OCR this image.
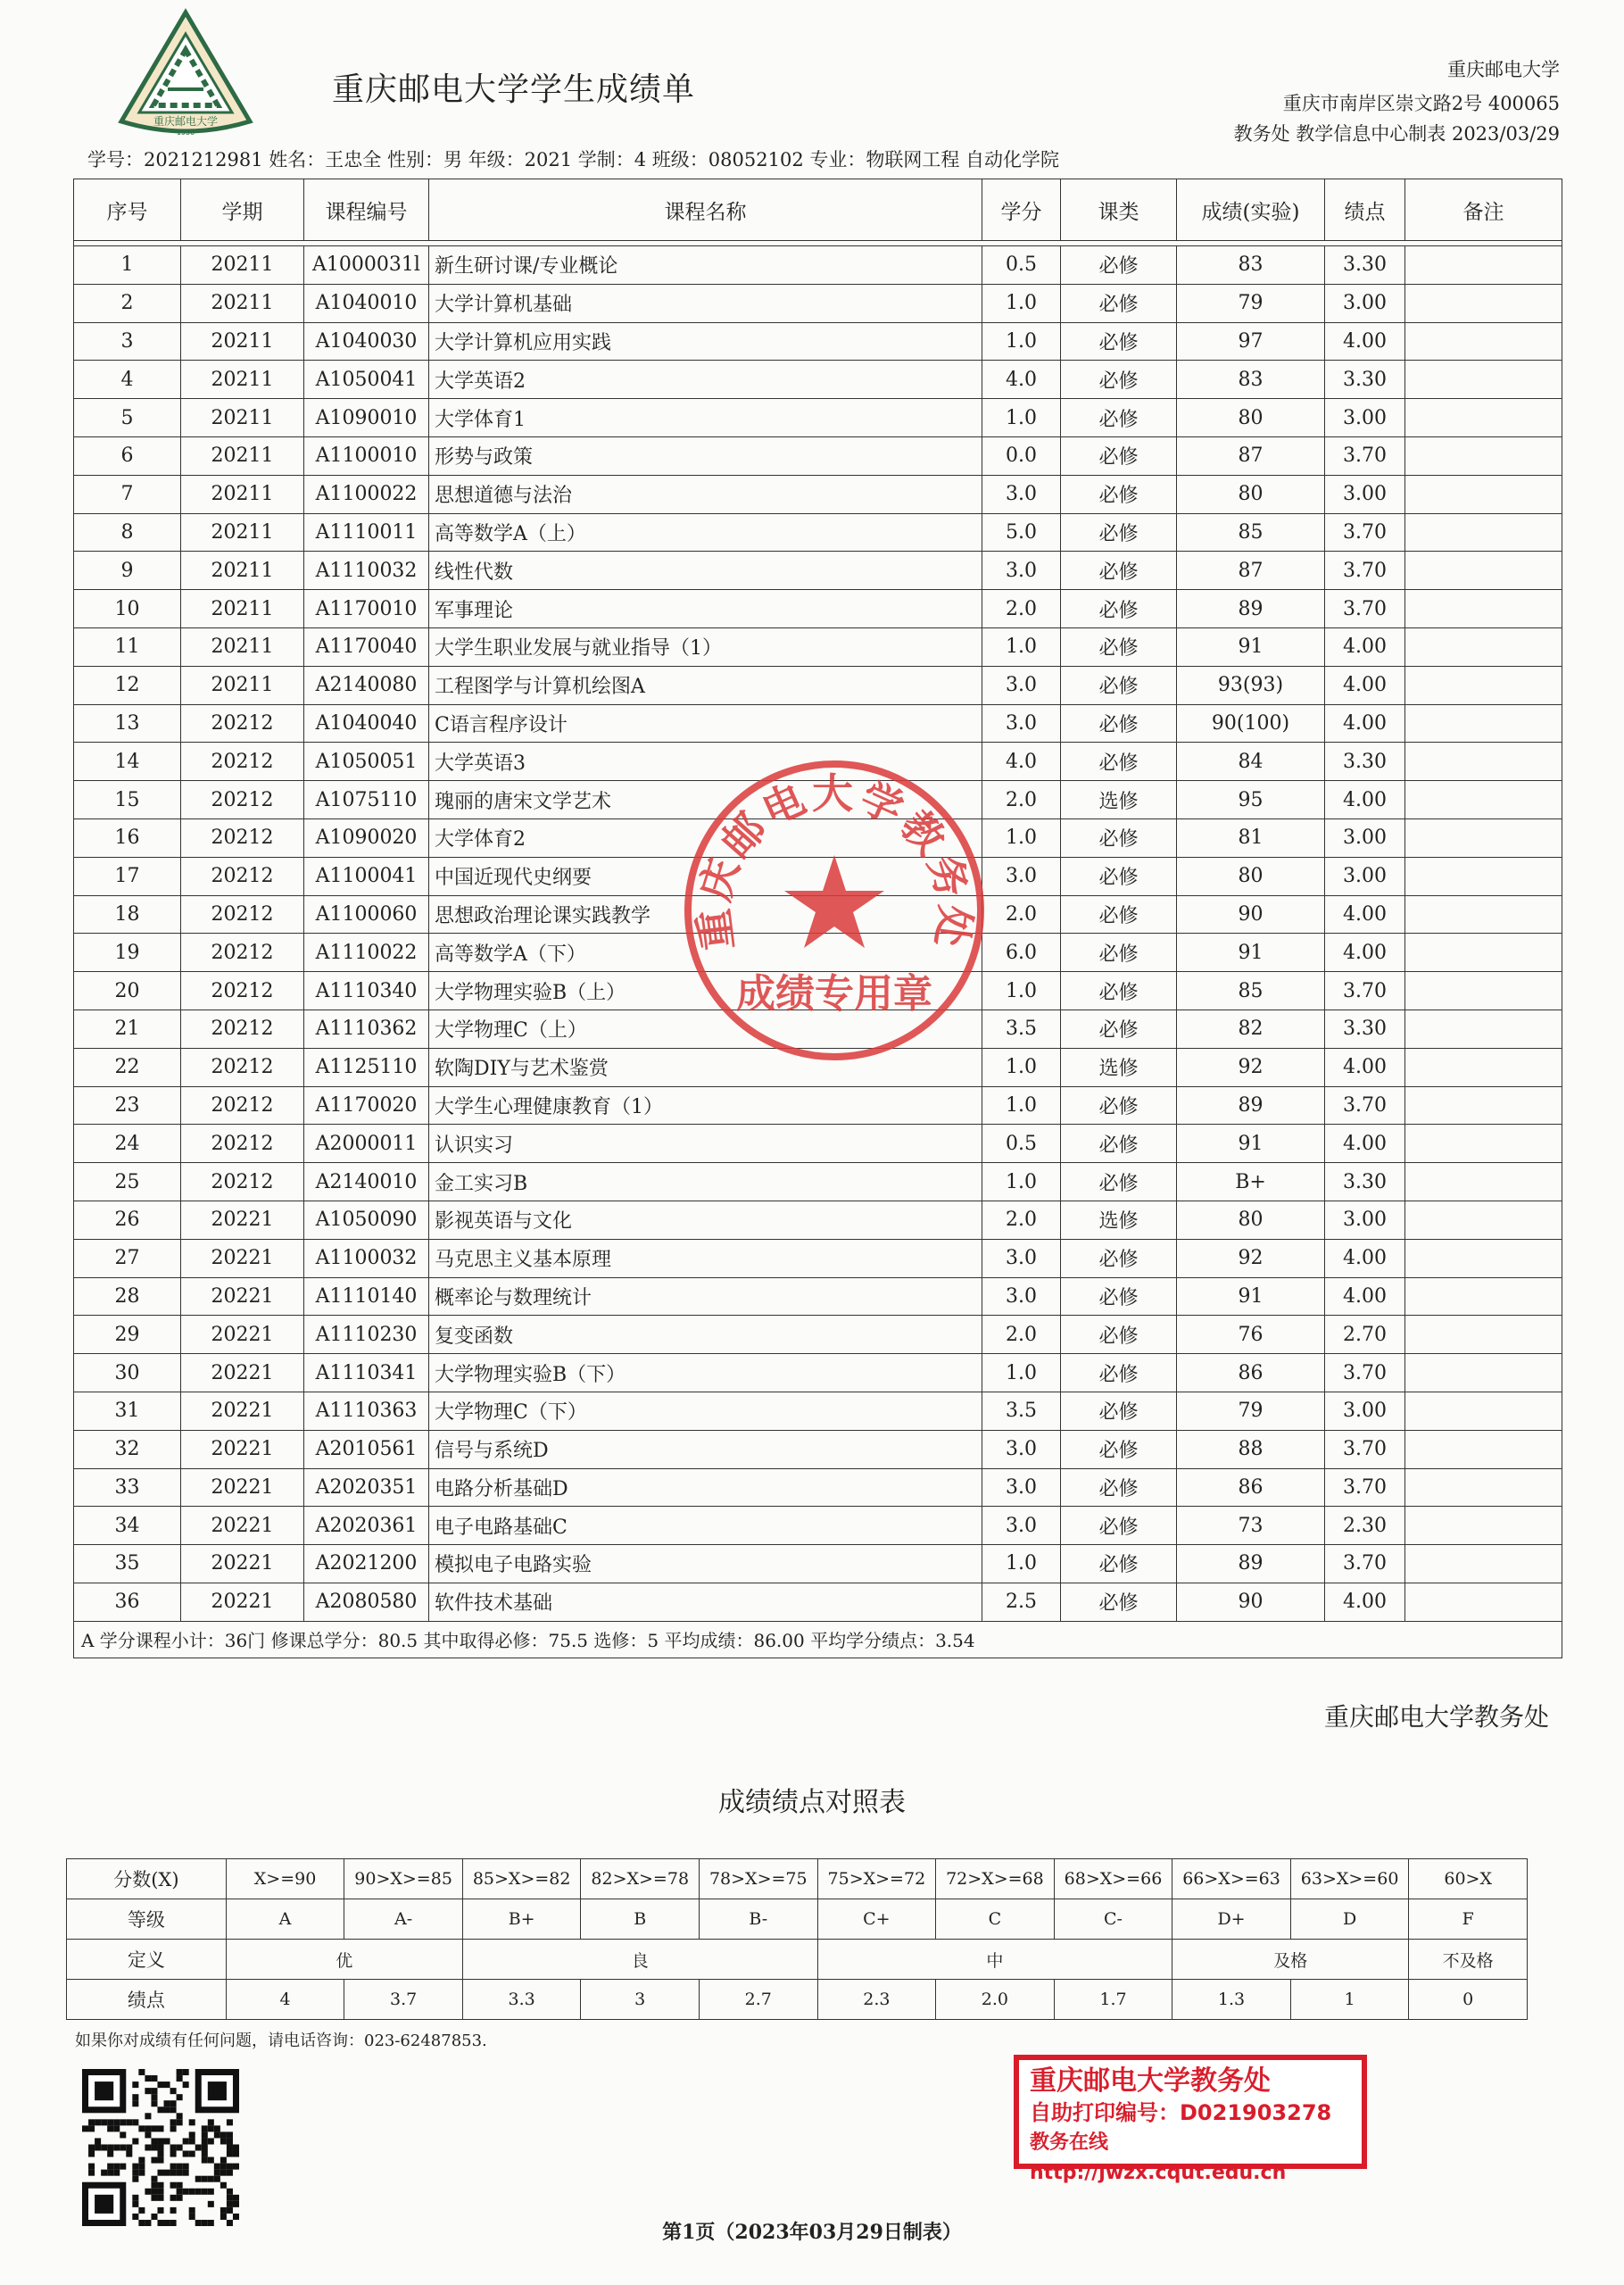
重庆邮电大学
1950
重庆邮电大学学生成绩单
重庆邮电大学
重庆市南岸区崇文路2号 400065
教务处 教学信息中心制表 2023/03/29
学号：2021212981 姓名：王忠全 性别：男 年级：2021 学制：4 班级：08052102 专业：物联网工程 自动化学院
序号	学期	课程编号	课程名称	学分	课类	成绩(实验)	绩点	备注

1	20211	A1000031l	新生研讨课/专业概论	0.5	必修	83	3.30	
2	20211	A1040010	大学计算机基础	1.0	必修	79	3.00	
3	20211	A1040030	大学计算机应用实践	1.0	必修	97	4.00	
4	20211	A1050041	大学英语2	4.0	必修	83	3.30	
5	20211	A1090010	大学体育1	1.0	必修	80	3.00	
6	20211	A1100010	形势与政策	0.0	必修	87	3.70	
7	20211	A1100022	思想道德与法治	3.0	必修	80	3.00	
8	20211	A1110011	高等数学A（上）	5.0	必修	85	3.70	
9	20211	A1110032	线性代数	3.0	必修	87	3.70	
10	20211	A1170010	军事理论	2.0	必修	89	3.70	
11	20211	A1170040	大学生职业发展与就业指导（1）	1.0	必修	91	4.00	
12	20211	A2140080	工程图学与计算机绘图A	3.0	必修	93(93)	4.00	
13	20212	A1040040	C语言程序设计	3.0	必修	90(100)	4.00	
14	20212	A1050051	大学英语3	4.0	必修	84	3.30	
15	20212	A1075110	瑰丽的唐宋文学艺术	2.0	选修	95	4.00	
16	20212	A1090020	大学体育2	1.0	必修	81	3.00	
17	20212	A1100041	中国近现代史纲要	3.0	必修	80	3.00	
18	20212	A1100060	思想政治理论课实践教学	2.0	必修	90	4.00	
19	20212	A1110022	高等数学A（下）	6.0	必修	91	4.00	
20	20212	A1110340	大学物理实验B（上）	1.0	必修	85	3.70	
21	20212	A1110362	大学物理C（上）	3.5	必修	82	3.30	
22	20212	A1125110	软陶DIY与艺术鉴赏	1.0	选修	92	4.00	
23	20212	A1170020	大学生心理健康教育（1）	1.0	必修	89	3.70	
24	20212	A2000011	认识实习	0.5	必修	91	4.00	
25	20212	A2140010	金工实习B	1.0	必修	B+	3.30	
26	20221	A1050090	影视英语与文化	2.0	选修	80	3.00	
27	20221	A1100032	马克思主义基本原理	3.0	必修	92	4.00	
28	20221	A1110140	概率论与数理统计	3.0	必修	91	4.00	
29	20221	A1110230	复变函数	2.0	必修	76	2.70	
30	20221	A1110341	大学物理实验B（下）	1.0	必修	86	3.70	
31	20221	A1110363	大学物理C（下）	3.5	必修	79	3.00	
32	20221	A2010561	信号与系统D	3.0	必修	88	3.70	
33	20221	A2020351	电路分析基础D	3.0	必修	86	3.70	
34	20221	A2020361	电子电路基础C	3.0	必修	73	2.30	
35	20221	A2021200	模拟电子电路实验	1.0	必修	89	3.70	
36	20221	A2080580	软件技术基础	2.5	必修	90	4.00	
A 学分课程小计：36门 修课总学分：80.5 其中取得必修：75.5 选修：5 平均成绩：86.00 平均学分绩点：3.54								
重庆邮电大学教务处
成绩专用章
重庆邮电大学教务处
成绩绩点对照表
分数(X)	X>=90	90>X>=85	85>X>=82	82>X>=78	78>X>=75	75>X>=72	72>X>=68	68>X>=66	66>X>=63	63>X>=60	60>X
等级	A	A-	B+	B	B-	C+	C	C-	D+	D	F
定义	优		良			中			及格		不及格
绩点	4	3.7	3.3	3	2.7	2.3	2.0	1.7	1.3	1	0
如果你对成绩有任何问题，请电话咨询：023-62487853.
重庆邮电大学教务处
自助打印编号：D021903278
教务在线http://jwzx.cqut.edu.cn
第1页（2023年03月29日制表）
